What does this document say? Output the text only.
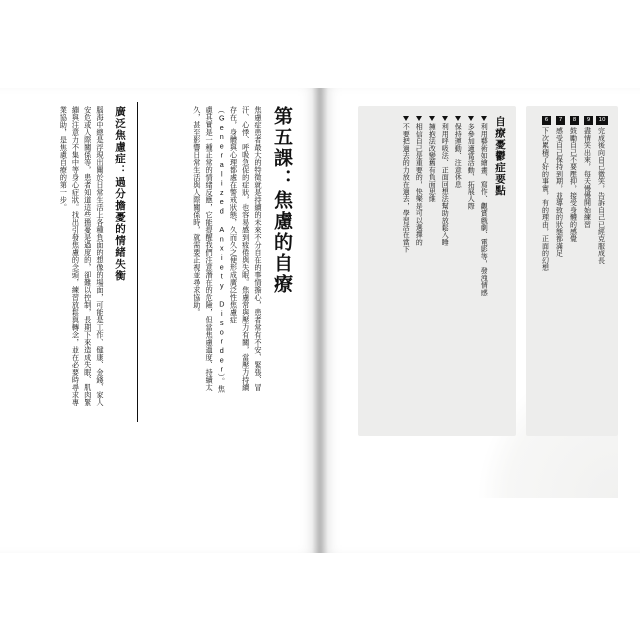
第五課：焦慮的自療
焦慮症患者最大的特徵就是持續的未來不分自在的事情擔心，患者常有不安、緊張、冒汗、心悸、呼吸急促的症狀，也容易感到疲倦與失眠。焦慮常與壓力有關，當壓力持續存在，身體與心理都處在警戒狀態，久而久之便形成廣泛性焦慮症（Generalized Anxiety Disorder）。焦慮其實是一種正常的情緒反應，它能提醒我們注意潛在的危險，但當焦慮過度、持續太久，甚至影響日常生活與人際關係時，就需要正視並尋求協助。
廣泛焦慮症：過分擔憂的情緒失衡
腦海中總是浮現出關於日常生活上各種負面的想像的場面，可能是工作、健康、金錢、家人安危或人際關係等，患者知道這些擔憂是過度的，卻難以控制，長期下來造成失眠、肌肉緊繃與注意力不集中等身心症狀。找出引發焦慮的念頭，練習放鬆與轉念，並在必要時尋求專業協助，是焦慮自療的第一步。	6
下次累積了好的事實，有的理由，正面的幻想
7
感受自己保持到期，並導致的狀態都滿足
8
鼓勵自己不要壓抑，接受身體的感覺
9
盡情笑出來，每天慢慢開始練習
10
完成後向自己微笑，告訴自己已經克服成長
自療憂鬱症要點
不要把過去的力放在過去，學習活在當下 相信自己是重要的，快樂是可以選擇的 擁抱法改變舊有負面思維 利用呼吸法、正面回想法幫助放鬆入睡 保持運動、注意休息 多參加適當活動、拓展人際 利用藝術如繪畫、寫作、觀賞戲劇、電影等，發洩情感
